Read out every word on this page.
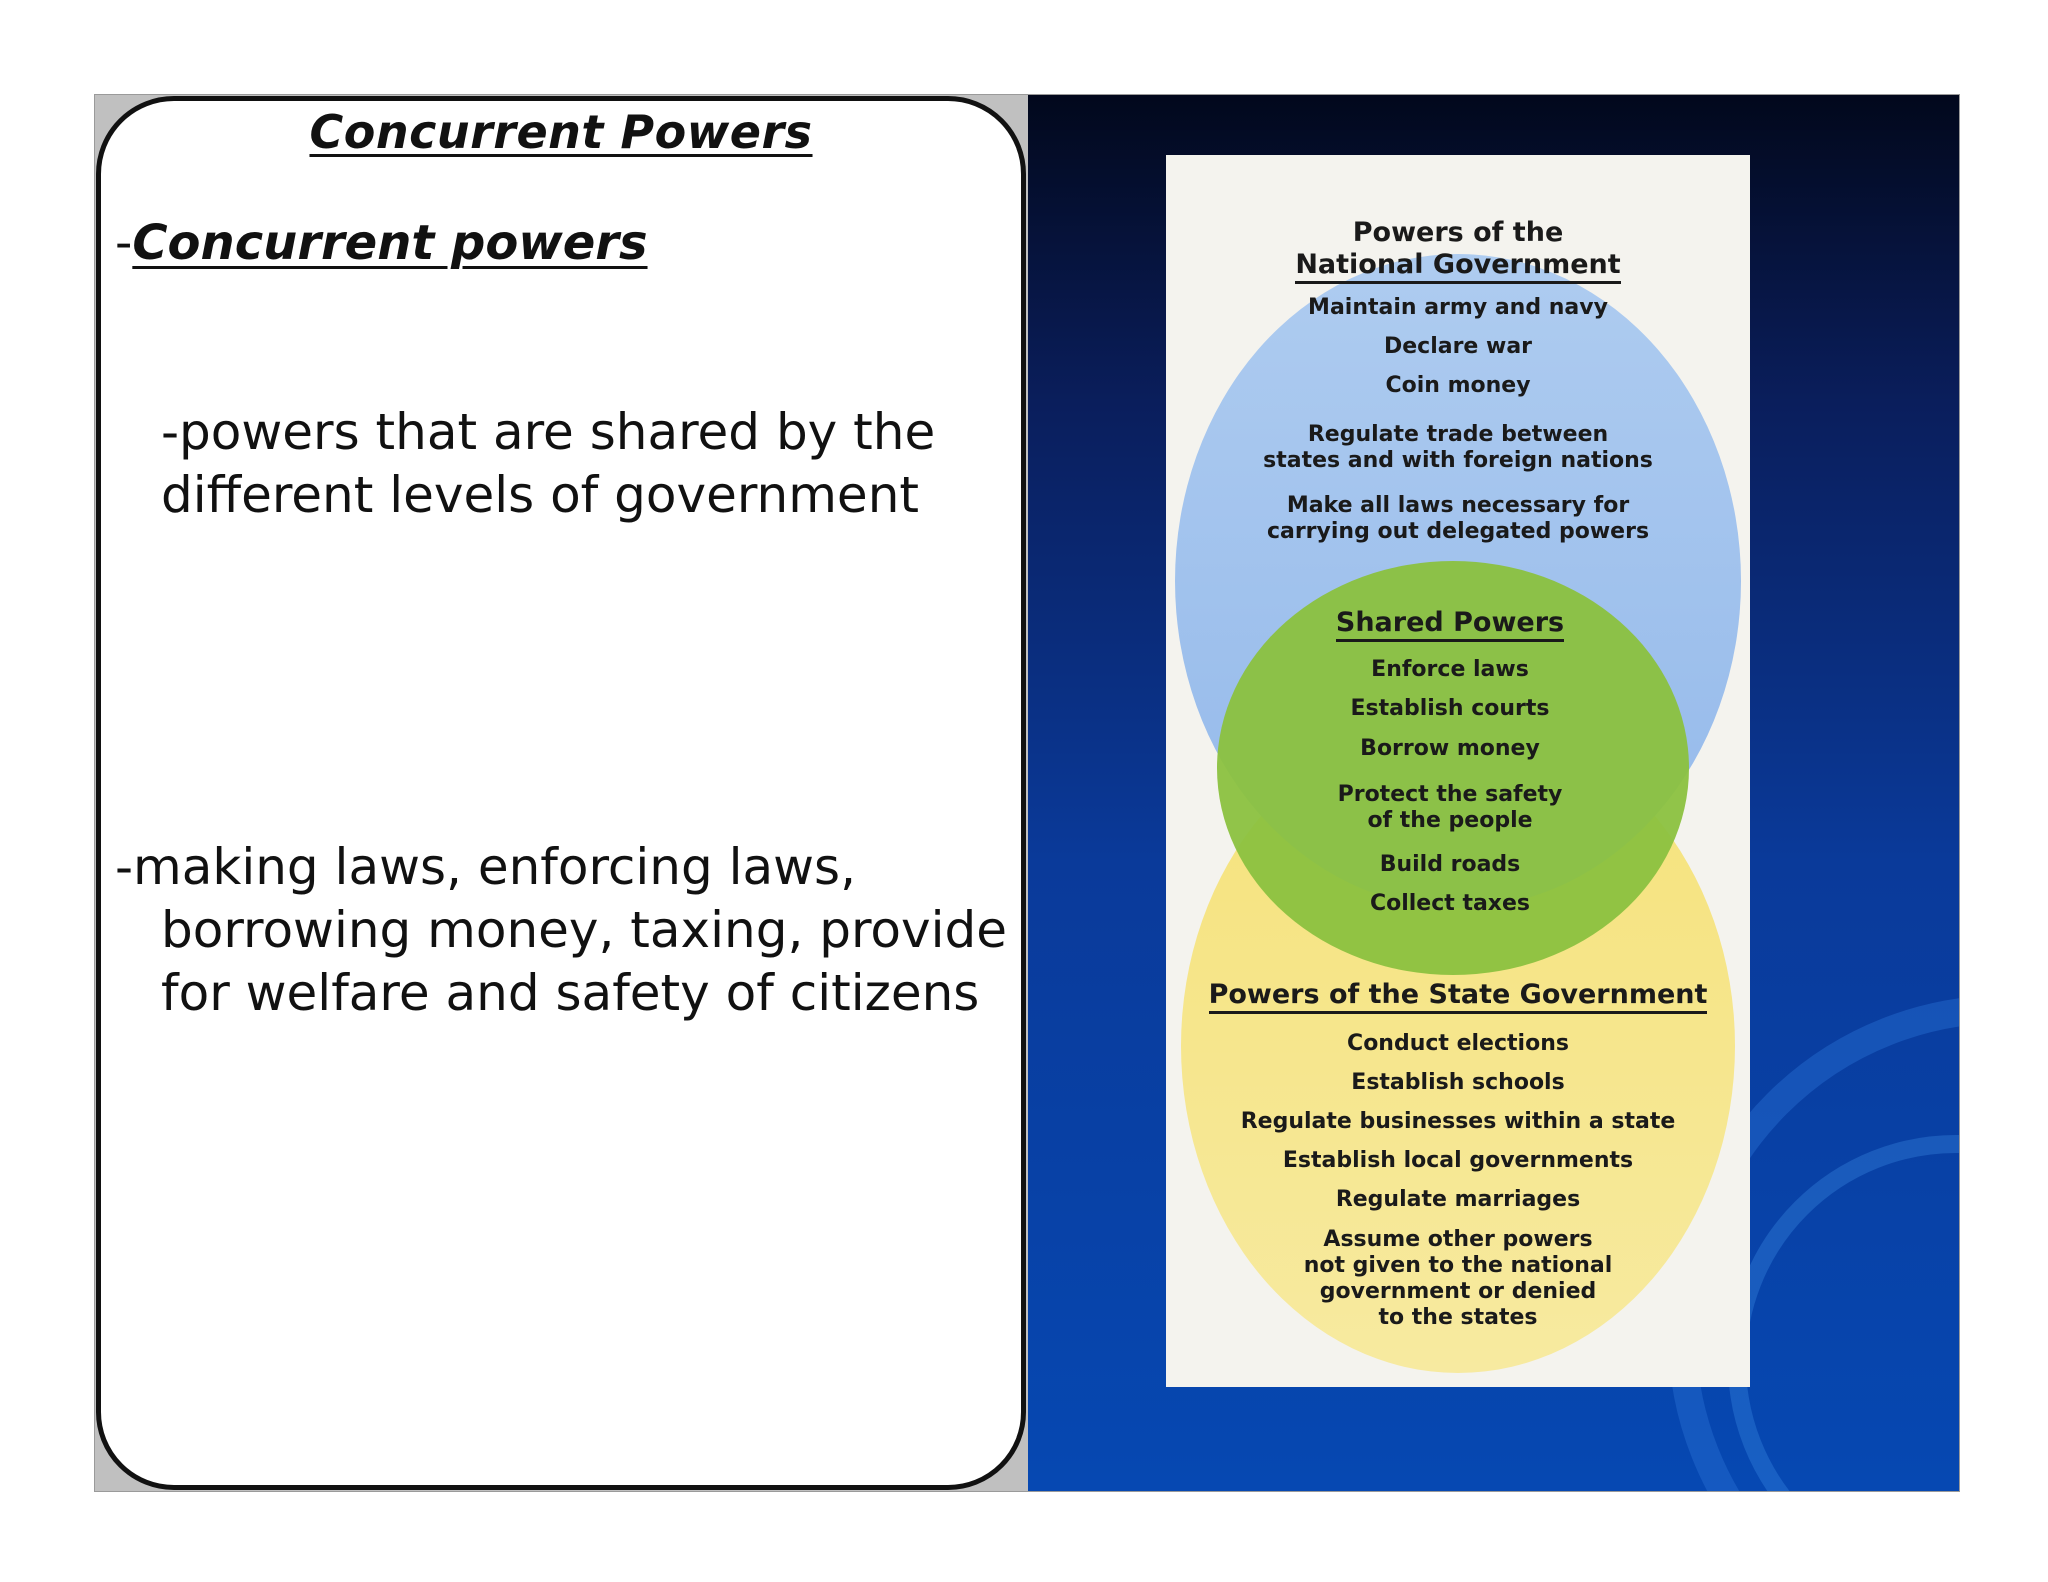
Concurrent Powers
-Concurrent powers
-powers that are shared by the
different levels of government
-making laws, enforcing laws,
borrowing money, taxing, provide
for welfare and safety of citizens
Powers of the
National Government
Maintain army and navy
Declare war
Coin money
Regulate trade between
states and with foreign nations
Make all laws necessary for
carrying out delegated powers
Shared Powers
Enforce laws
Establish courts
Borrow money
Protect the safety
of the people
Build roads
Collect taxes
Powers of the State Government
Conduct elections
Establish schools
Regulate businesses within a state
Establish local governments
Regulate marriages
Assume other powers
not given to the national
government or denied
to the states
